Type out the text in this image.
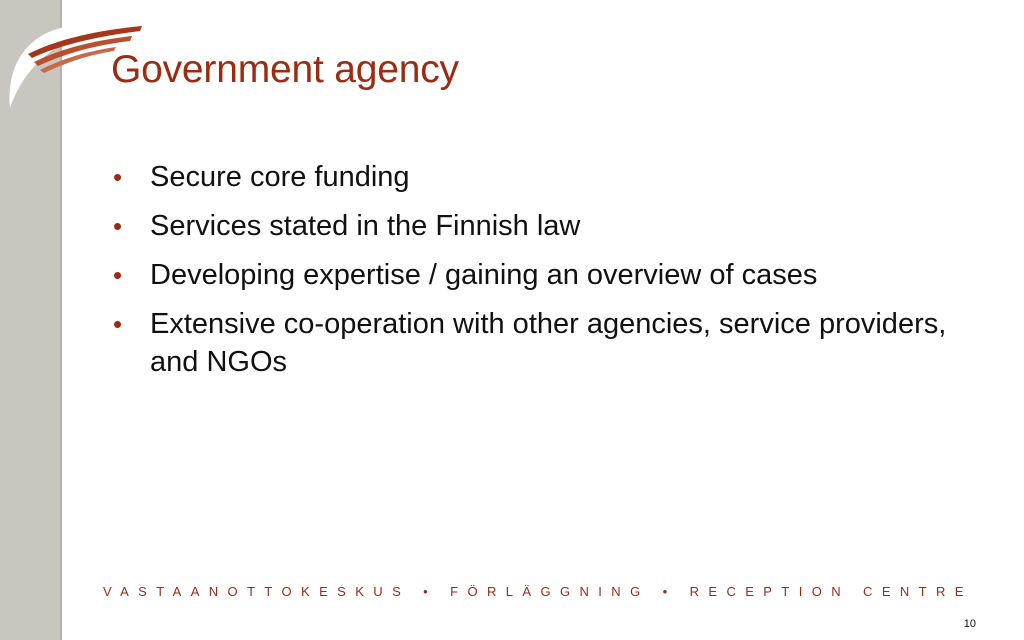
Government agency
• Secure core funding
• Services stated in the Finnish law
• Developing expertise / gaining an overview of cases
• Extensive co-operation with other agencies, service providers, and NGOs
VASTAANOTTOKESKUS • FÖRLÄGGNING • RECEPTION CENTRE
10
